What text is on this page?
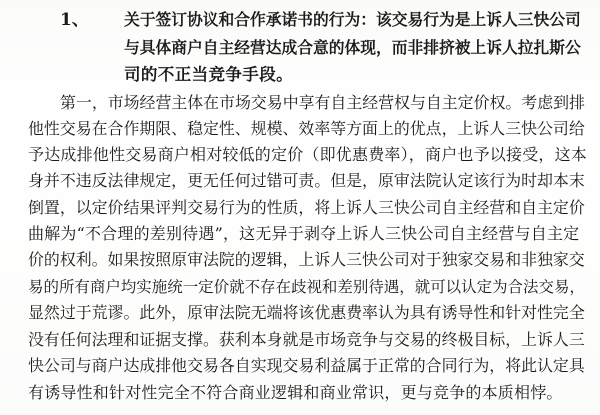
1、 关于签订协议和合作承诺书的行为：该交易行为是上诉人三快公司
与具体商户自主经营达成合意的体现，而非排挤被上诉人拉扎斯公
司的不正当竞争手段。
第一，市场经营主体在市场交易中享有自主经营权与自主定价权。考虑到排
他性交易在合作期限、稳定性、规模、效率等方面上的优点，上诉人三快公司给
予达成排他性交易商户相对较低的定价（即优惠费率），商户也予以接受，这本
身并不违反法律规定，更无任何过错可责。但是，原审法院认定该行为时却本末
倒置，以定价结果评判交易行为的性质，将上诉人三快公司自主经营和自主定价
曲解为“不合理的差别待遇”，这无异于剥夺上诉人三快公司自主经营与自主定
价的权利。如果按照原审法院的逻辑，上诉人三快公司对于独家交易和非独家交
易的所有商户均实施统一定价就不存在歧视和差别待遇，就可以认定为合法交易，
显然过于荒谬。此外，原审法院无端将该优惠费率认为具有诱导性和针对性完全
没有任何法理和证据支撑。获利本身就是市场竞争与交易的终极目标，上诉人三
快公司与商户达成排他交易各自实现交易利益属于正常的合同行为，将此认定具
有诱导性和针对性完全不符合商业逻辑和商业常识，更与竞争的本质相悖。
